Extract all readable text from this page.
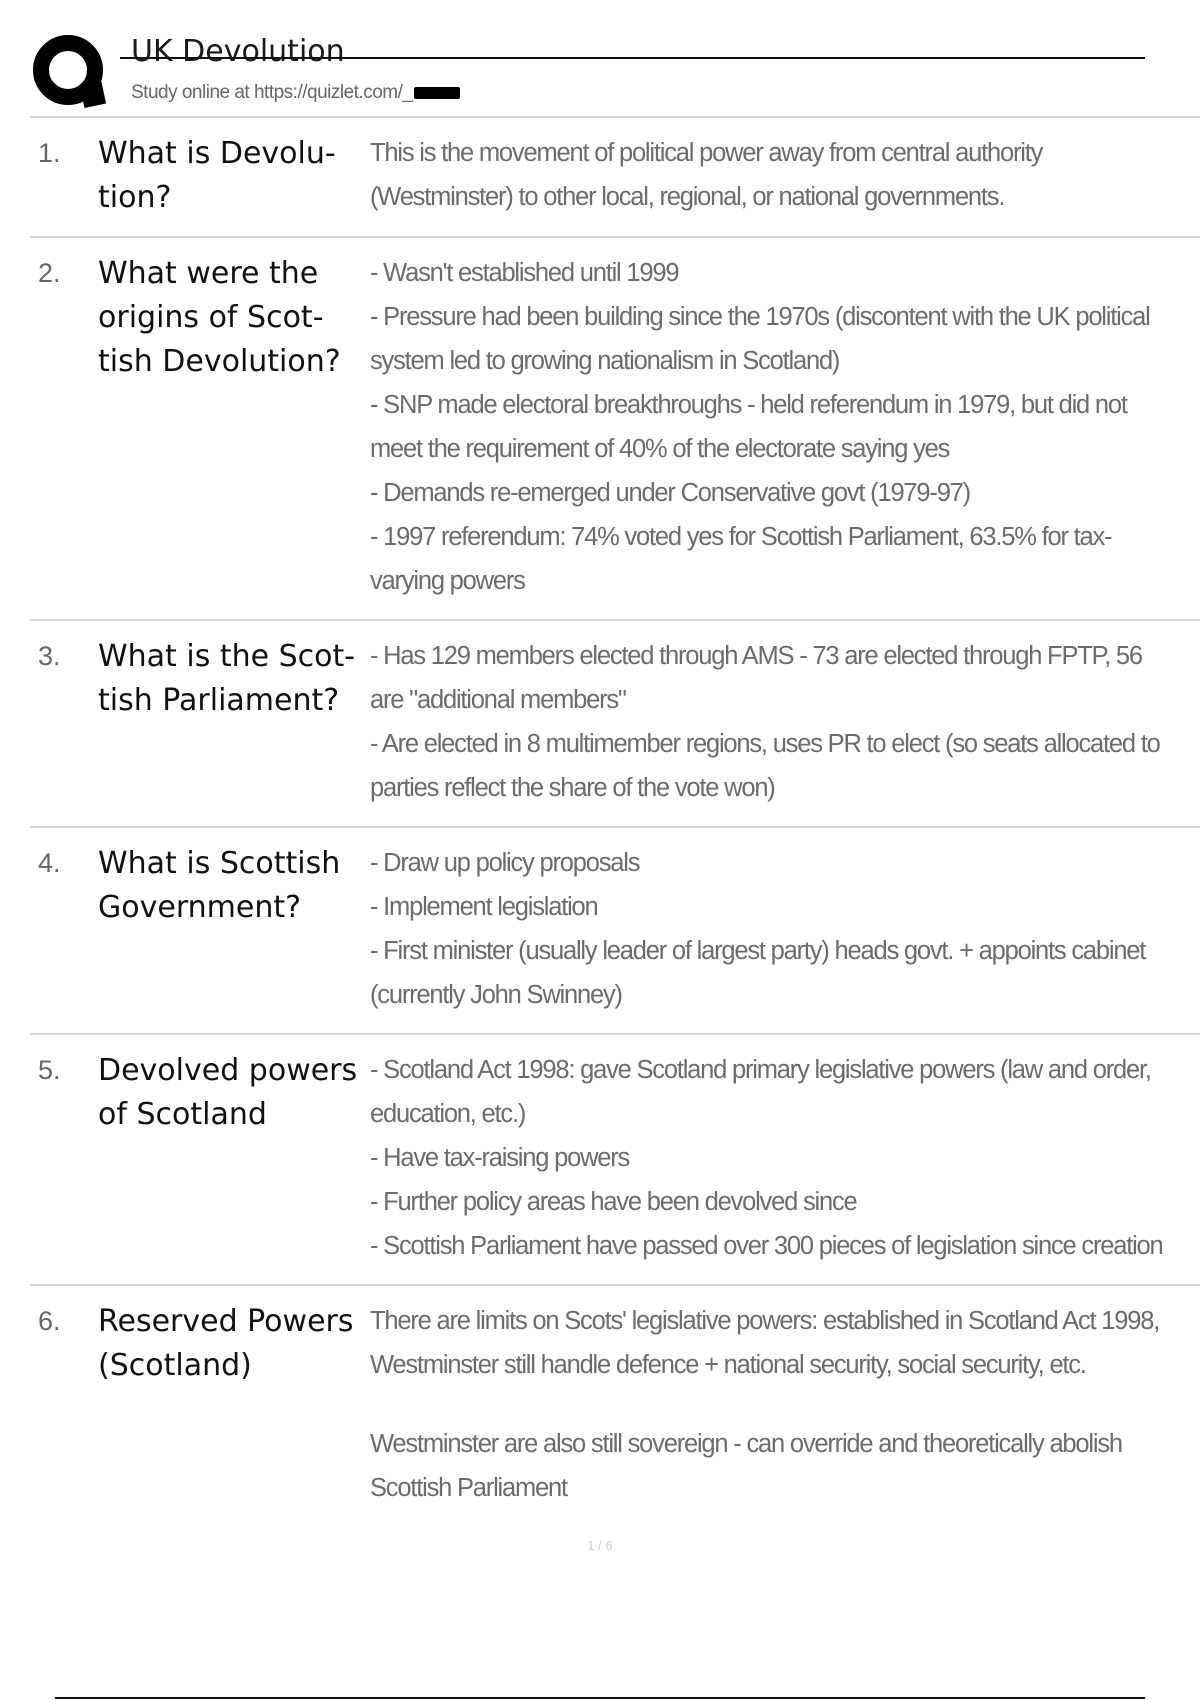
UK Devolution
Study online at https://quizlet.com/_
1.	What is Devolu-
tion?
This is the movement of political power away from central authority (Westminster) to other local, regional, or national governments.
2.	What were the origins of Scot-
tish Devolution?
- Wasn't established until 1999
- Pressure had been building since the 1970s (discontent with the UK political system led to growing nationalism in Scotland)
- SNP made electoral breakthroughs - held referendum in 1979, but did not meet the requirement of 40% of the electorate saying yes
- Demands re-emerged under Conservative govt (1979-97)
- 1997 referendum: 74% voted yes for Scottish Parliament, 63.5% for tax-varying powers
3.	What is the Scot-
tish Parliament?
- Has 129 members elected through AMS - 73 are elected through FPTP, 56 are "additional members"
- Are elected in 8 multimember regions, uses PR to elect (so seats allocated to parties reflect the share of the vote won)
4.	What is Scottish Government?
- Draw up policy proposals
- Implement legislation
- First minister (usually leader of largest party) heads govt. + appoints cabinet (currently John Swinney)
5.	Devolved powers of Scotland
- Scotland Act 1998: gave Scotland primary legislative powers (law and order, education, etc.)
- Have tax-raising powers
- Further policy areas have been devolved since
- Scottish Parliament have passed over 300 pieces of legislation since creation
6.	Reserved Powers (Scotland)
There are limits on Scots' legislative powers: established in Scotland Act 1998, Westminster still handle defence + national security, social security, etc.
Westminster are also still sovereign - can override and theoretically abolish Scottish Parliament
1 / 6
